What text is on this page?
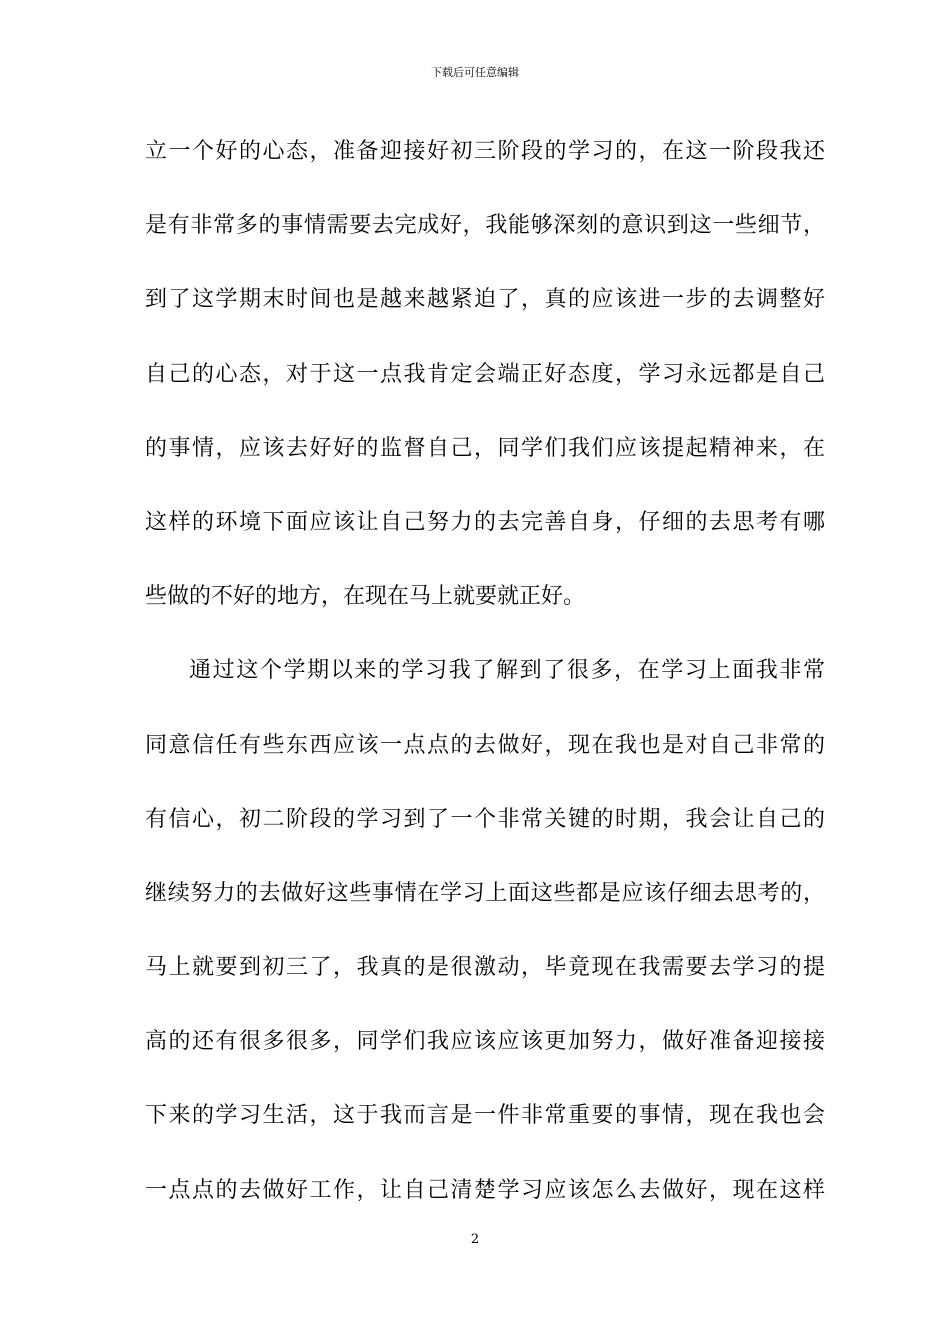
下载后可任意编辑
立一个好的心态，准备迎接好初三阶段的学习的，在这一阶段我还
是有非常多的事情需要去完成好，我能够深刻的意识到这一些细节，
到了这学期末时间也是越来越紧迫了，真的应该进一步的去调整好
自己的心态，对于这一点我肯定会端正好态度，学习永远都是自己
的事情，应该去好好的监督自己，同学们我们应该提起精神来，在
这样的环境下面应该让自己努力的去完善自身，仔细的去思考有哪
些做的不好的地方，在现在马上就要就正好。
通过这个学期以来的学习我了解到了很多，在学习上面我非常
同意信任有些东西应该一点点的去做好，现在我也是对自己非常的
有信心，初二阶段的学习到了一个非常关键的时期，我会让自己的
继续努力的去做好这些事情在学习上面这些都是应该仔细去思考的，
马上就要到初三了，我真的是很激动，毕竟现在我需要去学习的提
高的还有很多很多，同学们我应该应该更加努力，做好准备迎接接
下来的学习生活，这于我而言是一件非常重要的事情，现在我也会
一点点的去做好工作，让自己清楚学习应该怎么去做好，现在这样
2
